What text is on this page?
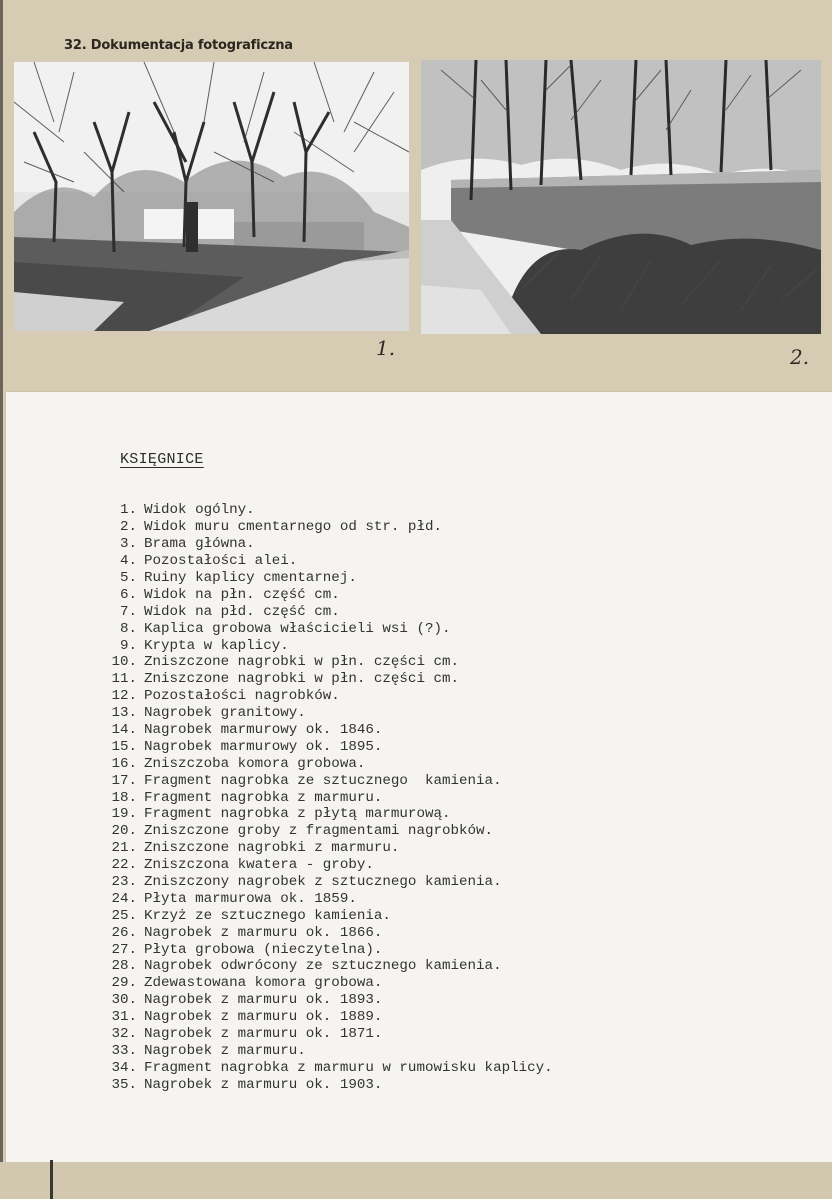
32. Dokumentacja fotograficzna
1.	2.
KSIĘGNICE
1. Widok ogólny.
2. Widok muru cmentarnego od str. płd.
3. Brama główna.
4. Pozostałości alei.
5. Ruiny kaplicy cmentarnej.
6. Widok na płn. część cm.
7. Widok na płd. część cm.
8. Kaplica grobowa właścicieli wsi (?).
9. Krypta w kaplicy.
10. Zniszczone nagrobki w płn. części cm.
11. Zniszczone nagrobki w płn. części cm.
12. Pozostałości nagrobków.
13. Nagrobek granitowy.
14. Nagrobek marmurowy ok. 1846.
15. Nagrobek marmurowy ok. 1895.
16. Zniszczoba komora grobowa.
17. Fragment nagrobka ze sztucznego  kamienia.
18. Fragment nagrobka z marmuru.
19. Fragment nagrobka z płytą marmurową.
20. Zniszczone groby z fragmentami nagrobków.
21. Zniszczone nagrobki z marmuru.
22. Zniszczona kwatera - groby.
23. Zniszczony nagrobek z sztucznego kamienia.
24. Płyta marmurowa ok. 1859.
25. Krzyż ze sztucznego kamienia.
26. Nagrobek z marmuru ok. 1866.
27. Płyta grobowa (nieczytelna).
28. Nagrobek odwrócony ze sztucznego kamienia.
29. Zdewastowana komora grobowa.
30. Nagrobek z marmuru ok. 1893.
31. Nagrobek z marmuru ok. 1889.
32. Nagrobek z marmuru ok. 1871.
33. Nagrobek z marmuru.
34. Fragment nagrobka z marmuru w rumowisku kaplicy.
35. Nagrobek z marmuru ok. 1903.
